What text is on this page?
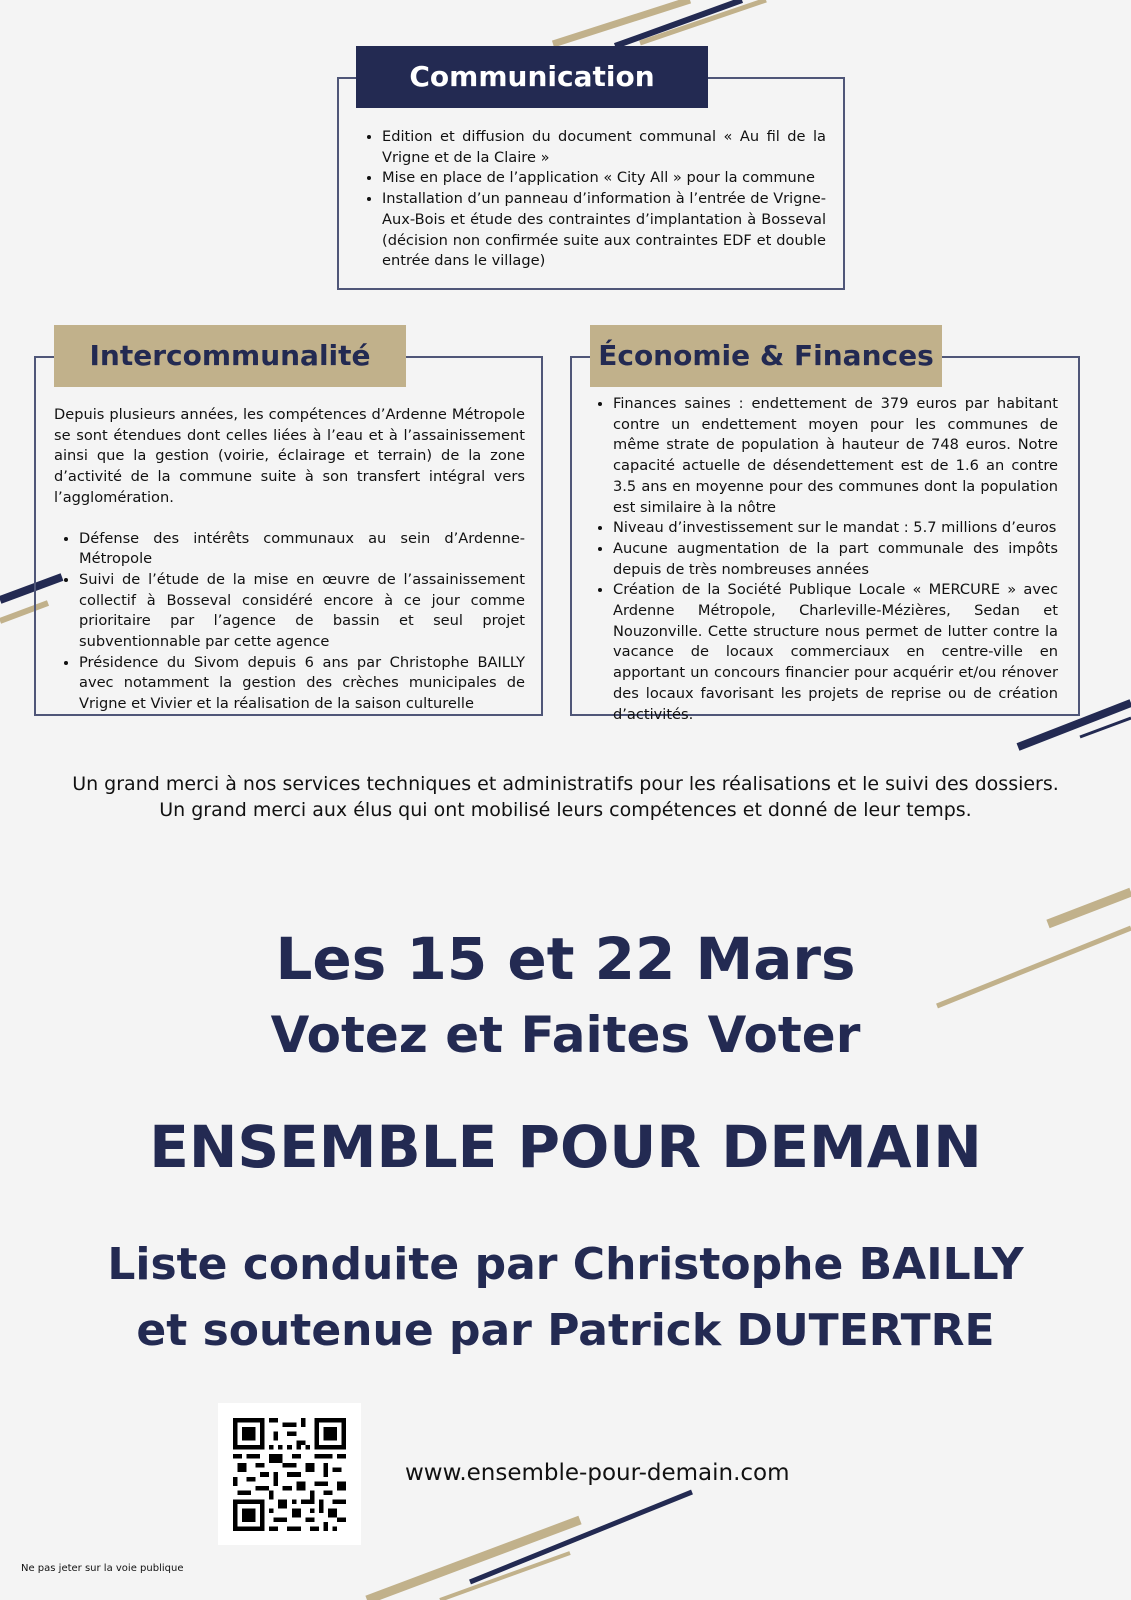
Communication
• Edition et diffusion du document communal « Au fil de la Vrigne et de la Claire »
• Mise en place de l’application « City All » pour la commune
• Installation d’un panneau d’information à l’entrée de Vrigne-Aux-Bois et étude des contraintes d’implantation à Bosseval (décision non confirmée suite aux contraintes EDF et double entrée dans le village)
Intercommunalité

Depuis plusieurs années, les compétences d’Ardenne Métropole se sont étendues dont celles liées à l’eau et à l’assainissement ainsi que la gestion (voirie, éclairage et terrain) de la zone d’activité de la commune suite à son transfert intégral vers l’agglomération.

• Défense des intérêts communaux au sein d’Ardenne-Métropole
• Suivi de l’étude de la mise en œuvre de l’assainissement collectif à Bosseval considéré encore à ce jour comme prioritaire par l’agence de bassin et seul projet subventionnable par cette agence
• Présidence du Sivom depuis 6 ans par Christophe BAILLY avec notamment la gestion des crèches municipales de Vrigne et Vivier et la réalisation de la saison culturelle
Économie & Finances
• Finances saines : endettement de 379 euros par habitant contre un endettement moyen pour les communes de même strate de population à hauteur de 748 euros. Notre capacité actuelle de désendettement est de 1.6 an contre 3.5 ans en moyenne pour des communes dont la population est similaire à la nôtre
• Niveau d’investissement sur le mandat : 5.7 millions d’euros
• Aucune augmentation de la part communale des impôts depuis de très nombreuses années
• Création de la Société Publique Locale « MERCURE » avec Ardenne Métropole, Charleville-Mézières, Sedan et Nouzonville. Cette structure nous permet de lutter contre la vacance de locaux commerciaux en centre-ville en apportant un concours financier pour acquérir et/ou rénover des locaux favorisant les projets de reprise ou de création d’activités.
Un grand merci à nos services techniques et administratifs pour les réalisations et le suivi des dossiers.
Un grand merci aux élus qui ont mobilisé leurs compétences et donné de leur temps.
Les 15 et 22 Mars
Votez et Faites Voter
ENSEMBLE POUR DEMAIN
Liste conduite par Christophe BAILLY
et soutenue par Patrick DUTERTRE
www.ensemble-pour-demain.com
Ne pas jeter sur la voie publique
